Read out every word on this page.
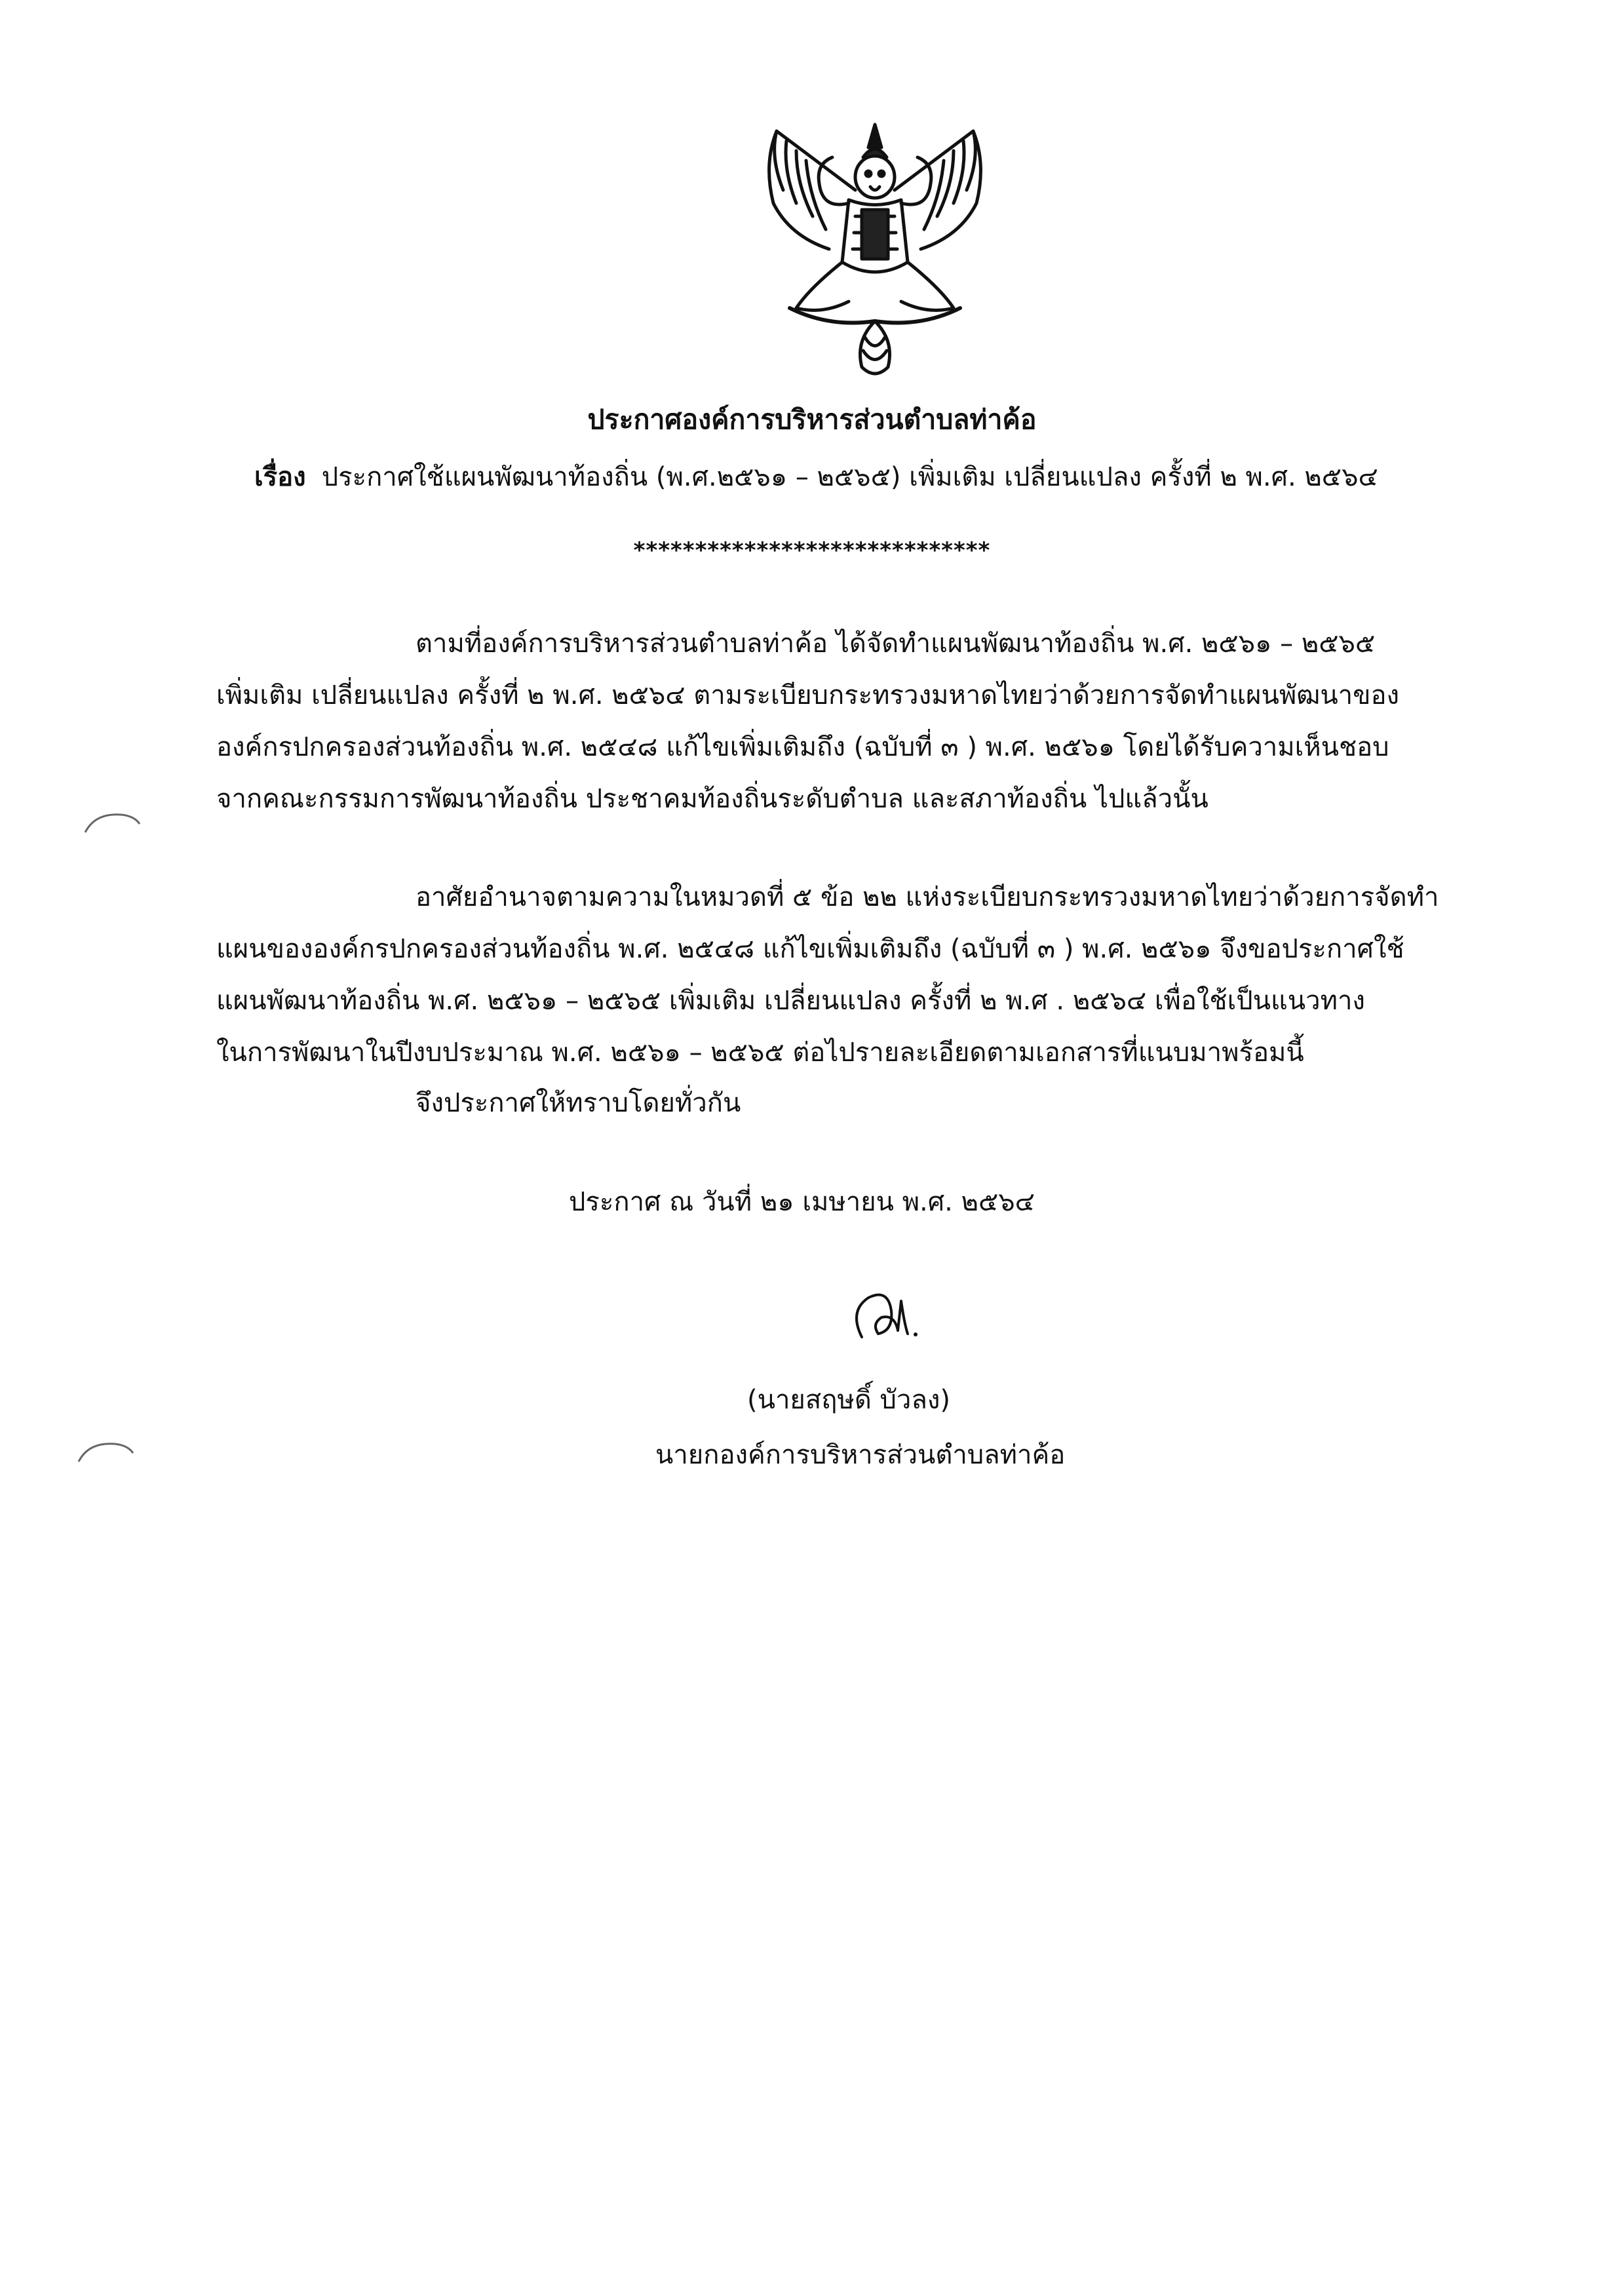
ประกาศองค์การบริหารส่วนตำบลท่าค้อ
เรื่อง ประกาศใช้แผนพัฒนาท้องถิ่น (พ.ศ.๒๕๖๑ – ๒๕๖๕) เพิ่มเติม เปลี่ยนแปลง ครั้งที่ ๒ พ.ศ. ๒๕๖๔
*****************************
ตามที่องค์การบริหารส่วนตำบลท่าค้อ ได้จัดทำแผนพัฒนาท้องถิ่น พ.ศ. ๒๕๖๑ – ๒๕๖๕
เพิ่มเติม เปลี่ยนแปลง ครั้งที่ ๒ พ.ศ. ๒๕๖๔ ตามระเบียบกระทรวงมหาดไทยว่าด้วยการจัดทำแผนพัฒนาของ
องค์กรปกครองส่วนท้องถิ่น พ.ศ. ๒๕๔๘ แก้ไขเพิ่มเติมถึง (ฉบับที่ ๓ ) พ.ศ. ๒๕๖๑ โดยได้รับความเห็นชอบ
จากคณะกรรมการพัฒนาท้องถิ่น ประชาคมท้องถิ่นระดับตำบล และสภาท้องถิ่น ไปแล้วนั้น
อาศัยอำนาจตามความในหมวดที่ ๕ ข้อ ๒๒ แห่งระเบียบกระทรวงมหาดไทยว่าด้วยการจัดทำ
แผนขององค์กรปกครองส่วนท้องถิ่น พ.ศ. ๒๕๔๘ แก้ไขเพิ่มเติมถึง (ฉบับที่ ๓ ) พ.ศ. ๒๕๖๑ จึงขอประกาศใช้
แผนพัฒนาท้องถิ่น พ.ศ. ๒๕๖๑ – ๒๕๖๕ เพิ่มเติม เปลี่ยนแปลง ครั้งที่ ๒ พ.ศ . ๒๕๖๔ เพื่อใช้เป็นแนวทาง
ในการพัฒนาในปีงบประมาณ พ.ศ. ๒๕๖๑ – ๒๕๖๕ ต่อไปรายละเอียดตามเอกสารที่แนบมาพร้อมนี้
จึงประกาศให้ทราบโดยทั่วกัน
ประกาศ ณ วันที่ ๒๑ เมษายน พ.ศ. ๒๕๖๔
(นายสฤษดิ์ บัวลง)
นายกองค์การบริหารส่วนตำบลท่าค้อ
